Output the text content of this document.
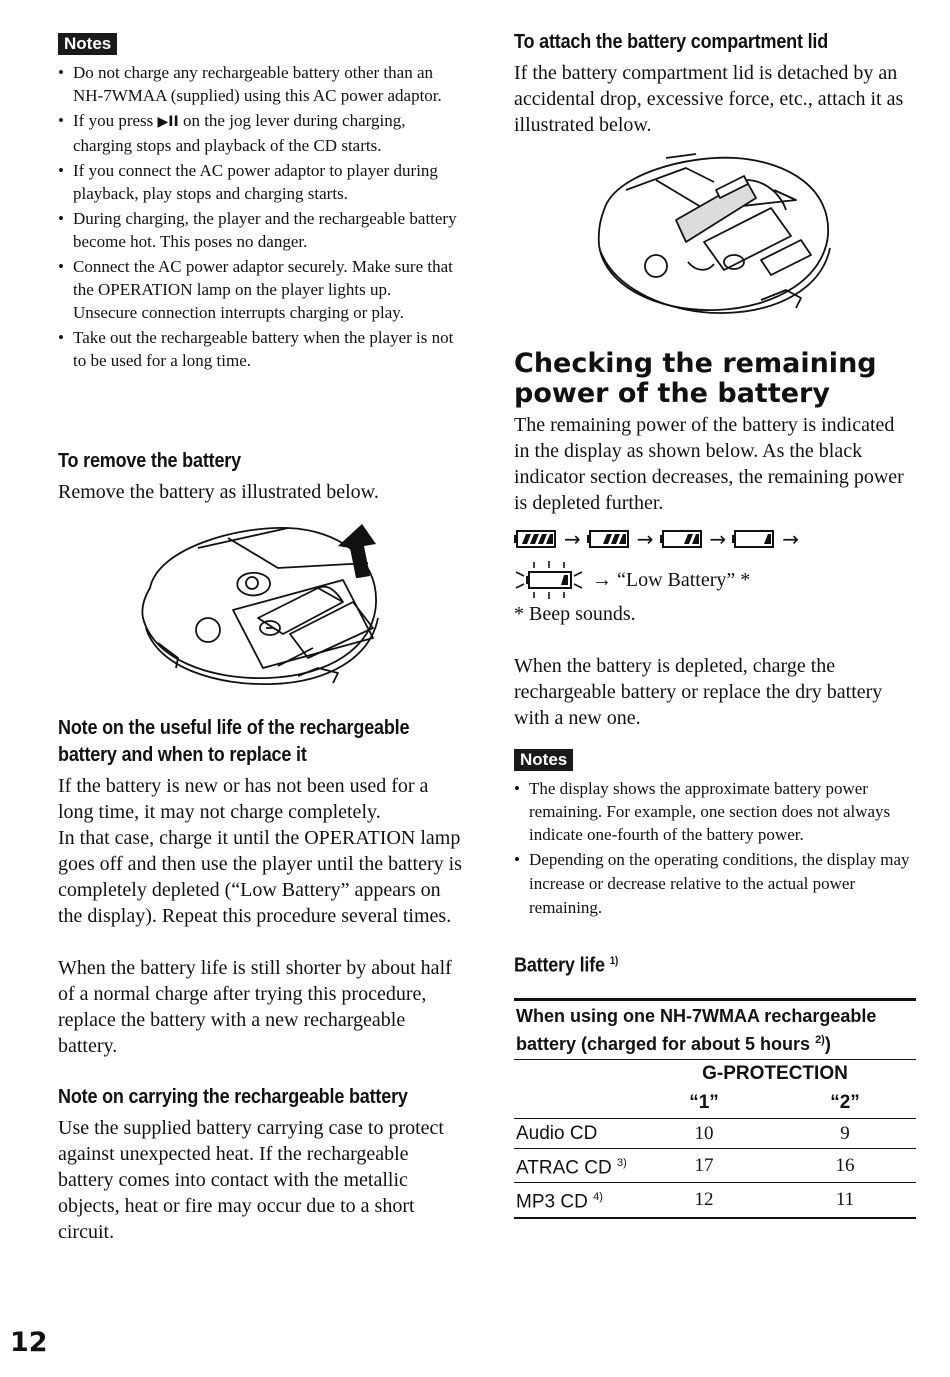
Notes
• Do not charge any rechargeable battery other than an NH-7WMAA (supplied) using this AC power adaptor.
• If you press ▶II on the jog lever during charging, charging stops and playback of the CD starts.
• If you connect the AC power adaptor to player during playback, play stops and charging starts.
• During charging, the player and the rechargeable battery become hot. This poses no danger.
• Connect the AC power adaptor securely. Make sure that the OPERATION lamp on the player lights up. Unsecure connection interrupts charging or play.
• Take out the rechargeable battery when the player is not to be used for a long time.
To remove the battery

Remove the battery as illustrated below.

Note on the useful life of the rechargeable battery and when to replace it

If the battery is new or has not been used for a long time, it may not charge completely.

In that case, charge it until the OPERATION lamp goes off and then use the player until the battery is completely depleted (“Low Battery” appears on the display). Repeat this procedure several times.

When the battery life is still shorter by about half of a normal charge after trying this procedure, replace the battery with a new rechargeable battery.

Note on carrying the rechargeable battery

Use the supplied battery carrying case to protect against unexpected heat. If the rechargeable battery comes into contact with the metallic objects, heat or fire may occur due to a short circuit.

To attach the battery compartment lid

If the battery compartment lid is detached by an accidental drop, excessive force, etc., attach it as illustrated below.

Checking the remaining power of the battery

The remaining power of the battery is indicated in the display as shown below. As the black indicator section decreases, the remaining power is depleted further.

→	→	→	→
→ “Low Battery” *

* Beep sounds.

When the battery is depleted, charge the rechargeable battery or replace the dry battery with a new one.

Notes
• The display shows the approximate battery power remaining. For example, one section does not always indicate one-fourth of the battery power.
• Depending on the operating conditions, the display may increase or decrease relative to the actual power remaining.
Battery life $^{1)}$
When using one NH-7WMAA rechargeable battery (charged for about 5 hours $^{2)}$)		
	G-PROTECTION	
	“1”	“2”
Audio CD	10	9
ATRAC CD $^{3)}$	17	16
MP3 CD $^{4)}$	12	11
12
